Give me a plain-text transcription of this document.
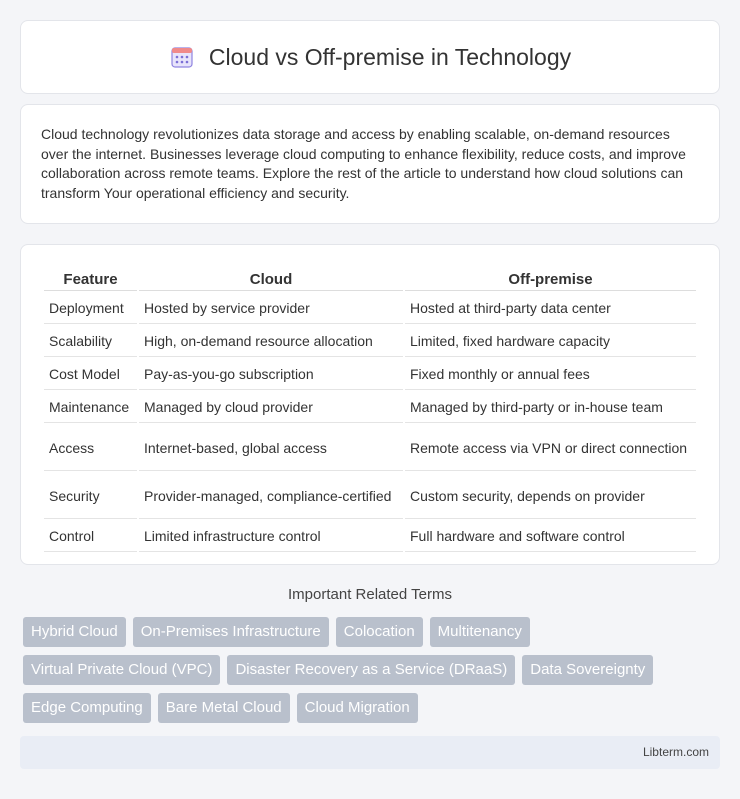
Cloud vs Off-premise in Technology

Cloud technology revolutionizes data storage and access by enabling scalable, on-demand resources over the internet. Businesses leverage cloud computing to enhance flexibility, reduce costs, and improve collaboration across remote teams. Explore the rest of the article to understand how cloud solutions can transform Your operational efficiency and security.

Feature	Cloud	Off-premise
Deployment	Hosted by service provider	Hosted at third-party data center
Scalability	High, on-demand resource allocation	Limited, fixed hardware capacity
Cost Model	Pay-as-you-go subscription	Fixed monthly or annual fees
Maintenance	Managed by cloud provider	Managed by third-party or in-house team
Access	Internet-based, global access	Remote access via VPN or direct connection
Security	Provider-managed, compliance-certified	Custom security, depends on provider
Control	Limited infrastructure control	Full hardware and software control
Important Related Terms
Hybrid Cloud	On-Premises Infrastructure	Colocation	Multitenancy
Virtual Private Cloud (VPC)	Disaster Recovery as a Service (DRaaS)	Data Sovereignty
Edge Computing	Bare Metal Cloud	Cloud Migration
Libterm.com
